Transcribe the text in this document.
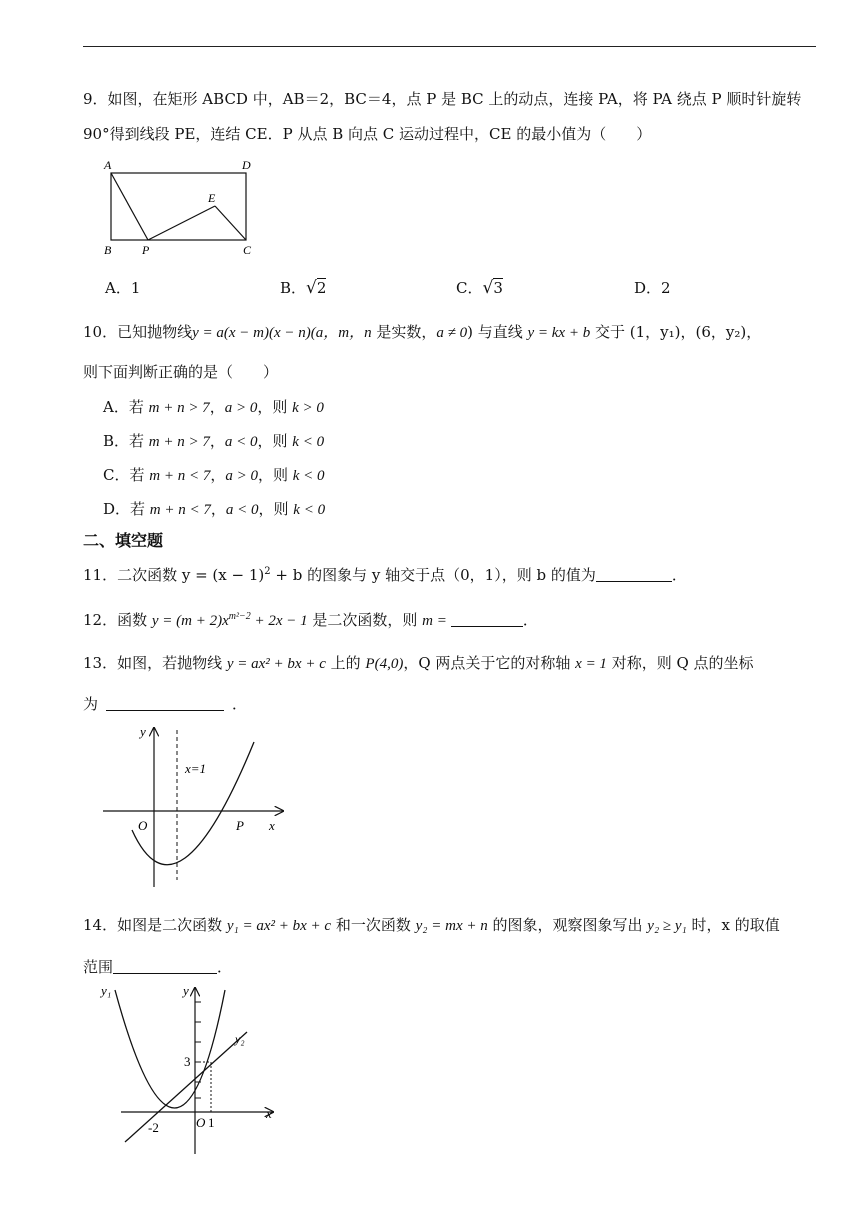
9．如图，在矩形 ABCD 中，AB＝2，BC＝4，点 P 是 BC 上的动点，连接 PA，将 PA 绕点 P 顺时针旋转
90°得到线段 PE，连结 CE．P 从点 B 向点 C 运动过程中，CE 的最小值为（　　）
A	D
E
B	P	C
A．1	B．√2	C．√3	D．2
10．已知抛物线y = a(x − m)(x − n)(a，m，n 是实数，a ≠ 0) 与直线 y = kx + b 交于 (1，y₁)，(6，y₂)，
则下面判断正确的是（　　）
A．若 m + n > 7，a > 0，则 k > 0
B．若 m + n > 7，a < 0，则 k < 0
C．若 m + n < 7，a > 0，则 k < 0
D．若 m + n < 7，a < 0，则 k < 0
二、填空题
11．二次函数 $y = (x - 1)^2 + b$ 的图象与 y 轴交于点（0，1），则 b 的值为	．
12．函数 $y = (m + 2)x^{m^2-2} + 2x - 1$ 是二次函数，则 m =	．
13．如图，若抛物线 y = ax² + bx + c 上的 P(4,0)，Q 两点关于它的对称轴 x = 1 对称，则 Q 点的坐标
为	．
y
x=1
O	P x
14．如图是二次函数 y₁ = ax² + bx + c 和一次函数 y₂ = mx + n 的图象，观察图象写出 y₂ ≥ y₁ 时，x 的取值
范围	．
y₁	y
y₂
3
-2	O 1
x
